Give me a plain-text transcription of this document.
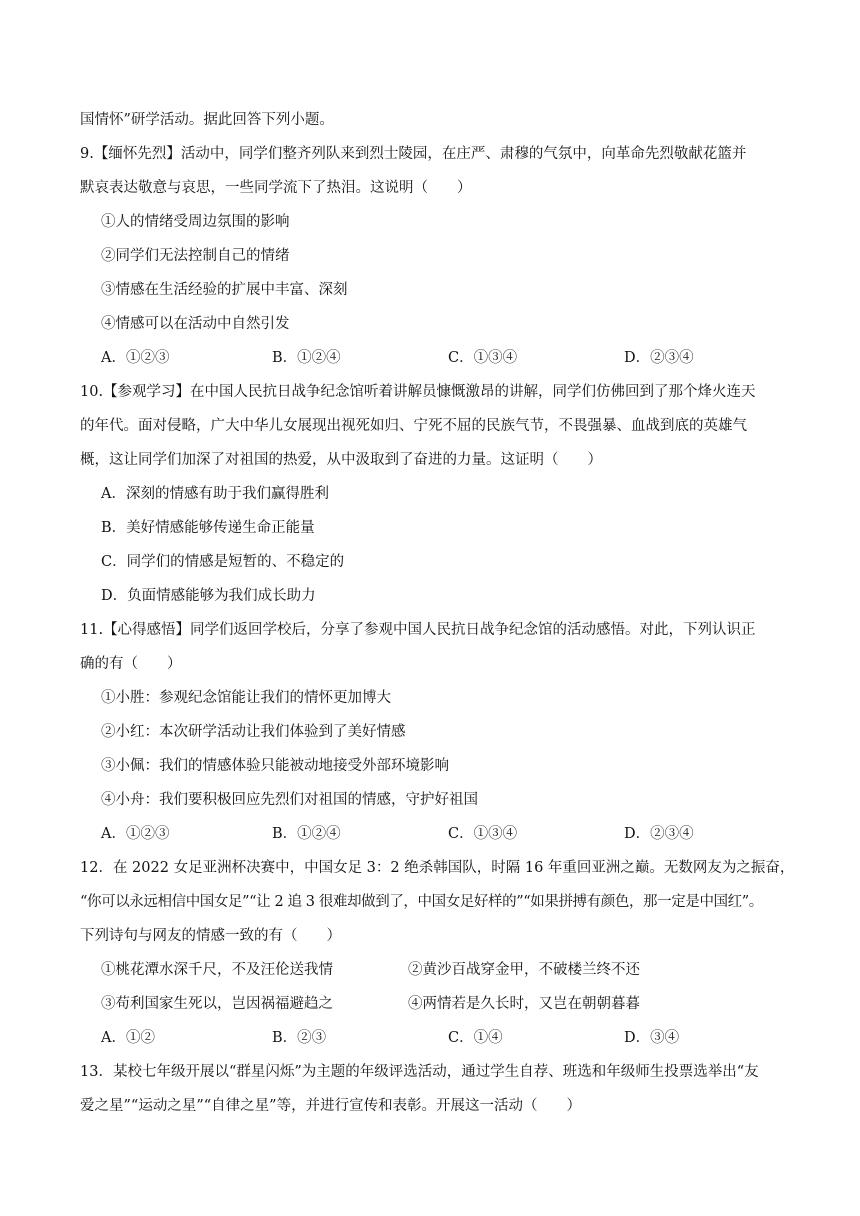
国情怀”研学活动。据此回答下列小题。
9.【缅怀先烈】活动中，同学们整齐列队来到烈士陵园，在庄严、肃穆的气氛中，向革命先烈敬献花篮并
默哀表达敬意与哀思，一些同学流下了热泪。这说明（　　）
①人的情绪受周边氛围的影响
②同学们无法控制自己的情绪
③情感在生活经验的扩展中丰富、深刻
④情感可以在活动中自然引发
A．①②③	B．①②④	C．①③④	D．②③④
10.【参观学习】在中国人民抗日战争纪念馆听着讲解员慷慨激昂的讲解，同学们仿佛回到了那个烽火连天
的年代。面对侵略，广大中华儿女展现出视死如归、宁死不屈的民族气节，不畏强暴、血战到底的英雄气
概，这让同学们加深了对祖国的热爱，从中汲取到了奋进的力量。这证明（　　）
A．深刻的情感有助于我们赢得胜利
B．美好情感能够传递生命正能量
C．同学们的情感是短暂的、不稳定的
D．负面情感能够为我们成长助力
11.【心得感悟】同学们返回学校后，分享了参观中国人民抗日战争纪念馆的活动感悟。对此，下列认识正
确的有（　　）
①小胜：参观纪念馆能让我们的情怀更加博大
②小红：本次研学活动让我们体验到了美好情感
③小佩：我们的情感体验只能被动地接受外部环境影响
④小舟：我们要积极回应先烈们对祖国的情感，守护好祖国
A．①②③	B．①②④	C．①③④	D．②③④
12．在 2022 女足亚洲杯决赛中，中国女足 3：2 绝杀韩国队，时隔 16 年重回亚洲之巅。无数网友为之振奋，
“你可以永远相信中国女足”“让 2 追 3 很难却做到了，中国女足好样的”“如果拼搏有颜色，那一定是中国红”。
下列诗句与网友的情感一致的有（　　）
①桃花潭水深千尺，不及汪伦送我情	②黄沙百战穿金甲，不破楼兰终不还
③苟利国家生死以，岂因祸福避趋之	④两情若是久长时，又岂在朝朝暮暮
A．①②	B．②③	C．①④	D．③④
13．某校七年级开展以“群星闪烁”为主题的年级评选活动，通过学生自荐、班选和年级师生投票选举出“友
爱之星”“运动之星”“自律之星”等，并进行宣传和表彰。开展这一活动（　　）
